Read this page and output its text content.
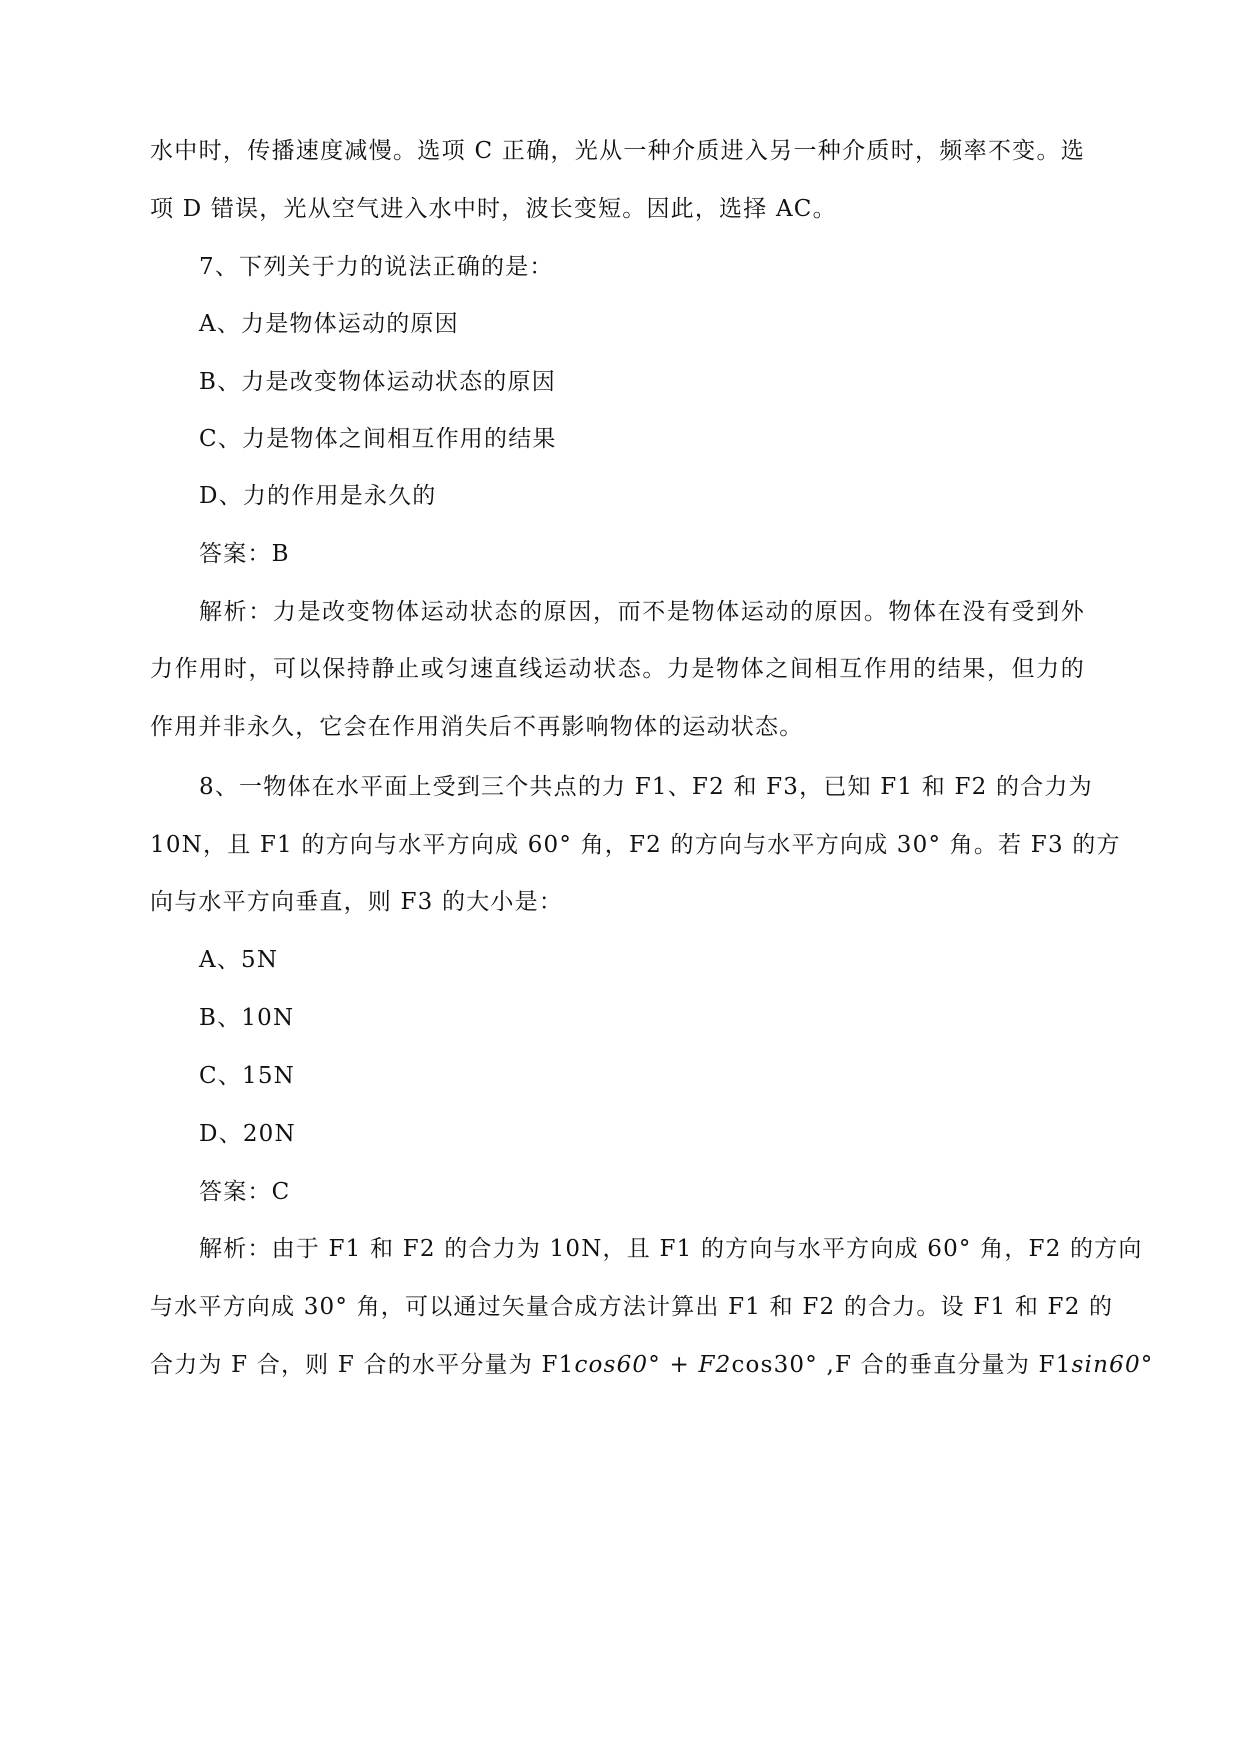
水中时，传播速度减慢。选项 C 正确，光从一种介质进入另一种介质时，频率不变。选
项 D 错误，光从空气进入水中时，波长变短。因此，选择 AC。
7、下列关于力的说法正确的是：
A、力是物体运动的原因
B、力是改变物体运动状态的原因
C、力是物体之间相互作用的结果
D、力的作用是永久的
答案：B
解析：力是改变物体运动状态的原因，而不是物体运动的原因。物体在没有受到外
力作用时，可以保持静止或匀速直线运动状态。力是物体之间相互作用的结果，但力的
作用并非永久，它会在作用消失后不再影响物体的运动状态。
8、一物体在水平面上受到三个共点的力 F1、F2 和 F3，已知 F1 和 F2 的合力为
10N，且 F1 的方向与水平方向成 60° 角，F2 的方向与水平方向成 30° 角。若 F3 的方
向与水平方向垂直，则 F3 的大小是：
A、5N
B、10N
C、15N
D、20N
答案：C
解析：由于 F1 和 F2 的合力为 10N，且 F1 的方向与水平方向成 60° 角，F2 的方向
与水平方向成 30° 角，可以通过矢量合成方法计算出 F1 和 F2 的合力。设 F1 和 F2 的
合力为 F 合，则 F 合的水平分量为 F1cos60° + F2cos30° ,F 合的垂直分量为 F1sin60°
